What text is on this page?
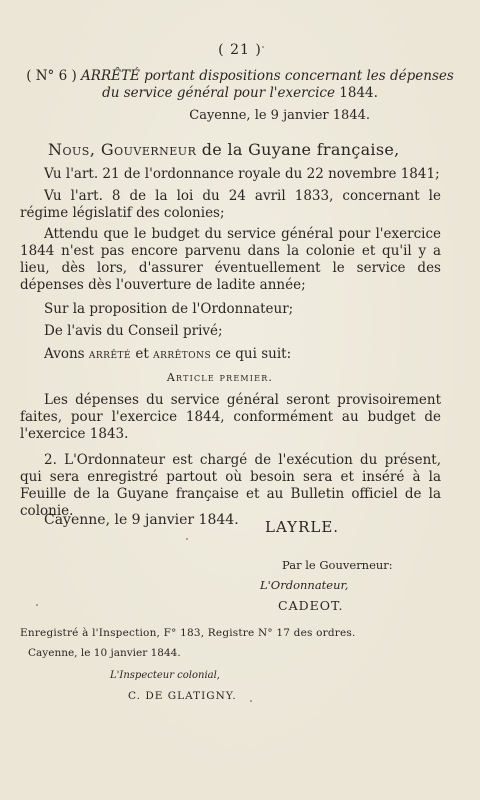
( 21 )
( N° 6 ) ARRÊTÉ portant dispositions concernant les dépenses du service général pour l'exercice 1844.
Cayenne, le 9 janvier 1844.
Nous, Gouverneur de la Guyane française,
Vu l'art. 21 de l'ordonnance royale du 22 novembre 1841;
Vu l'art. 8 de la loi du 24 avril 1833, concernant le régime législatif des colonies;
Attendu que le budget du service général pour l'exercice 1844 n'est pas encore parvenu dans la colonie et qu'il y a lieu, dès lors, d'assurer éventuellement le service des dépenses dès l'ouverture de ladite année;
Sur la proposition de l'Ordonnateur;
De l'avis du Conseil privé;
Avons arrêté et arrêtons ce qui suit:
Article premier.
Les dépenses du service général seront provisoirement faites, pour l'exercice 1844, conformément au budget de l'exercice 1843.
2. L'Ordonnateur est chargé de l'exécution du présent, qui sera enregistré partout où besoin sera et inséré à la Feuille de la Guyane française et au Bulletin officiel de la colonie.
Cayenne, le 9 janvier 1844. LAYRLE.
Par le Gouverneur:
L'Ordonnateur,
CADEOT.
Enregistré à l'Inspection, F° 183, Registre N° 17 des ordres.
Cayenne, le 10 janvier 1844.
L'Inspecteur colonial,
C. DE GLATIGNY.
